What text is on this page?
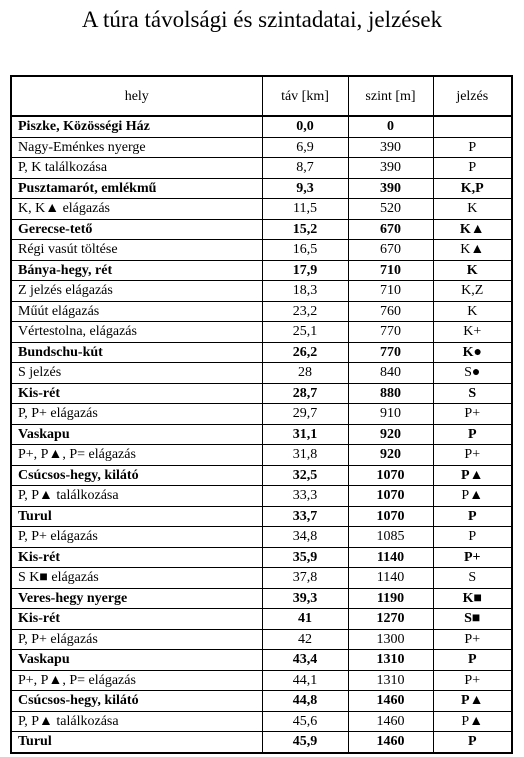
A túra távolsági és szintadatai, jelzések
hely	táv [km]	szint [m]	jelzés
Piszke, Közösségi Ház	0,0	0	
Nagy-Eménkes nyerge	6,9	390	P
P, K találkozása	8,7	390	P
Pusztamarót, emlékmű	9,3	390	K,P
K, K▲ elágazás	11,5	520	K
Gerecse-tető	15,2	670	K▲
Régi vasút töltése	16,5	670	K▲
Bánya-hegy, rét	17,9	710	K
Z jelzés elágazás	18,3	710	K,Z
Műút elágazás	23,2	760	K
Vértestolna, elágazás	25,1	770	K+
Bundschu-kút	26,2	770	K●
S jelzés	28	840	S●
Kis-rét	28,7	880	S
P, P+ elágazás	29,7	910	P+
Vaskapu	31,1	920	P
P+, P▲, P= elágazás	31,8	920	P+
Csúcsos-hegy, kilátó	32,5	1070	P▲
P, P▲ találkozása	33,3	1070	P▲
Turul	33,7	1070	P
P, P+ elágazás	34,8	1085	P
Kis-rét	35,9	1140	P+
S K■ elágazás	37,8	1140	S
Veres-hegy nyerge	39,3	1190	K■
Kis-rét	41	1270	S■
P, P+ elágazás	42	1300	P+
Vaskapu	43,4	1310	P
P+, P▲, P= elágazás	44,1	1310	P+
Csúcsos-hegy, kilátó	44,8	1460	P▲
P, P▲ találkozása	45,6	1460	P▲
Turul	45,9	1460	P
